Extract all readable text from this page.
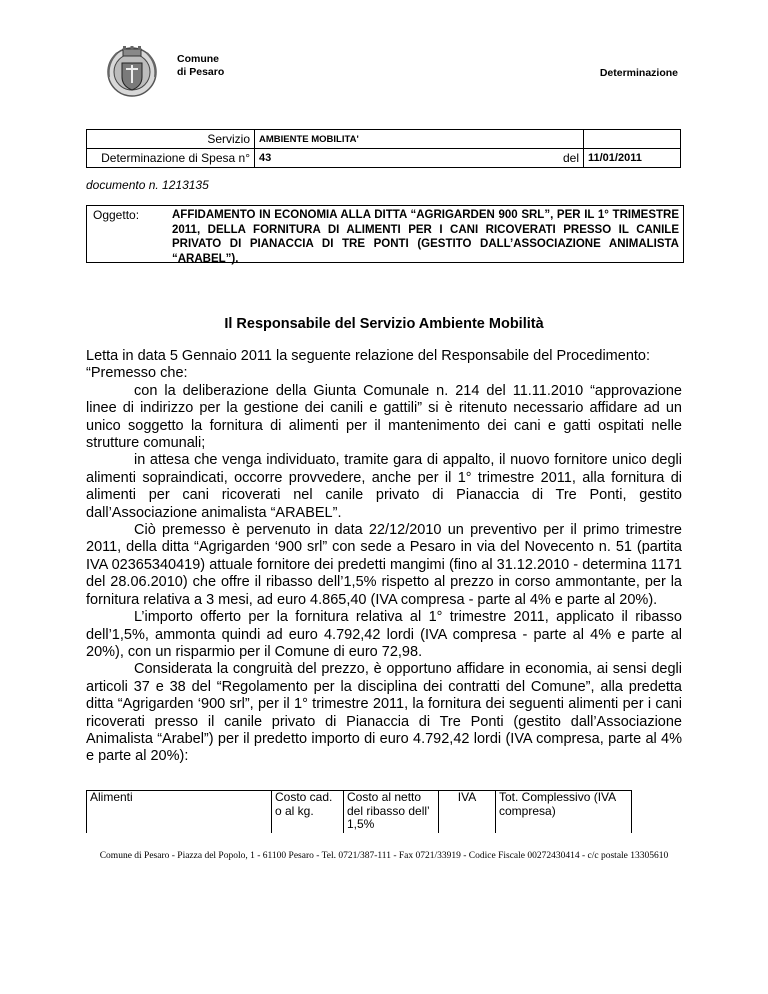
Comune
di Pesaro	Determinazione
Servizio	AMBIENTE MOBILITA'		
Determinazione di Spesa n°	43	del	11/01/2011
documento n. 1213135
Oggetto:	AFFIDAMENTO IN ECONOMIA ALLA DITTA “AGRIGARDEN 900 SRL”, PER IL 1° TRIMESTRE 2011, DELLA FORNITURA DI ALIMENTI PER I CANI RICOVERATI PRESSO IL CANILE PRIVATO DI PIANACCIA DI TRE PONTI (GESTITO DALL’ASSOCIAZIONE ANIMALISTA “ARABEL”).
Il Responsabile del Servizio Ambiente Mobilità

Letta in data 5 Gennaio 2011 la seguente relazione del Responsabile del Procedimento:

“Premesso che:

con la deliberazione della Giunta Comunale n. 214 del 11.11.2010 “approvazione linee di indirizzo per la gestione dei canili e gattili” si è ritenuto necessario affidare ad un unico soggetto la fornitura di alimenti per il mantenimento dei cani e gatti ospitati nelle strutture comunali;

in attesa che venga individuato, tramite gara di appalto, il nuovo fornitore unico degli alimenti sopraindicati, occorre provvedere, anche per il 1° trimestre 2011, alla fornitura di alimenti per cani ricoverati nel canile privato di Pianaccia di Tre Ponti, gestito dall’Associazione animalista “ARABEL”.

Ciò premesso è pervenuto in data 22/12/2010 un preventivo per il primo trimestre 2011, della ditta “Agrigarden ‘900 srl” con sede a Pesaro in via del Novecento n. 51 (partita IVA 02365340419) attuale fornitore dei predetti mangimi (fino al 31.12.2010 - determina 1171 del 28.06.2010) che offre il ribasso dell’1,5% rispetto al prezzo in corso ammontante, per la fornitura relativa a 3 mesi, ad euro 4.865,40 (IVA compresa - parte al 4% e parte al 20%).

L’importo offerto per la fornitura relativa al 1° trimestre 2011, applicato il ribasso dell’1,5%, ammonta quindi ad euro 4.792,42 lordi (IVA compresa - parte al 4% e parte al 20%), con un risparmio per il Comune di euro 72,98.

Considerata la congruità del prezzo, è opportuno affidare in economia, ai sensi degli articoli 37 e 38 del “Regolamento per la disciplina dei contratti del Comune”, alla predetta ditta “Agrigarden ‘900 srl”, per il 1° trimestre 2011, la fornitura dei seguenti alimenti per i cani ricoverati presso il canile privato di Pianaccia di Tre Ponti (gestito dall’Associazione Animalista “Arabel”) per il predetto importo di euro 4.792,42 lordi (IVA compresa, parte al 4% e parte al 20%):

Alimenti	Costo cad. o al kg.	Costo al netto del ribasso dell’ 1,5%	IVA	Tot. Complessivo (IVA compresa)
Comune di Pesaro - Piazza del Popolo, 1 - 61100 Pesaro - Tel. 0721/387-111 - Fax 0721/33919 - Codice Fiscale 00272430414 - c/c postale 13305610
